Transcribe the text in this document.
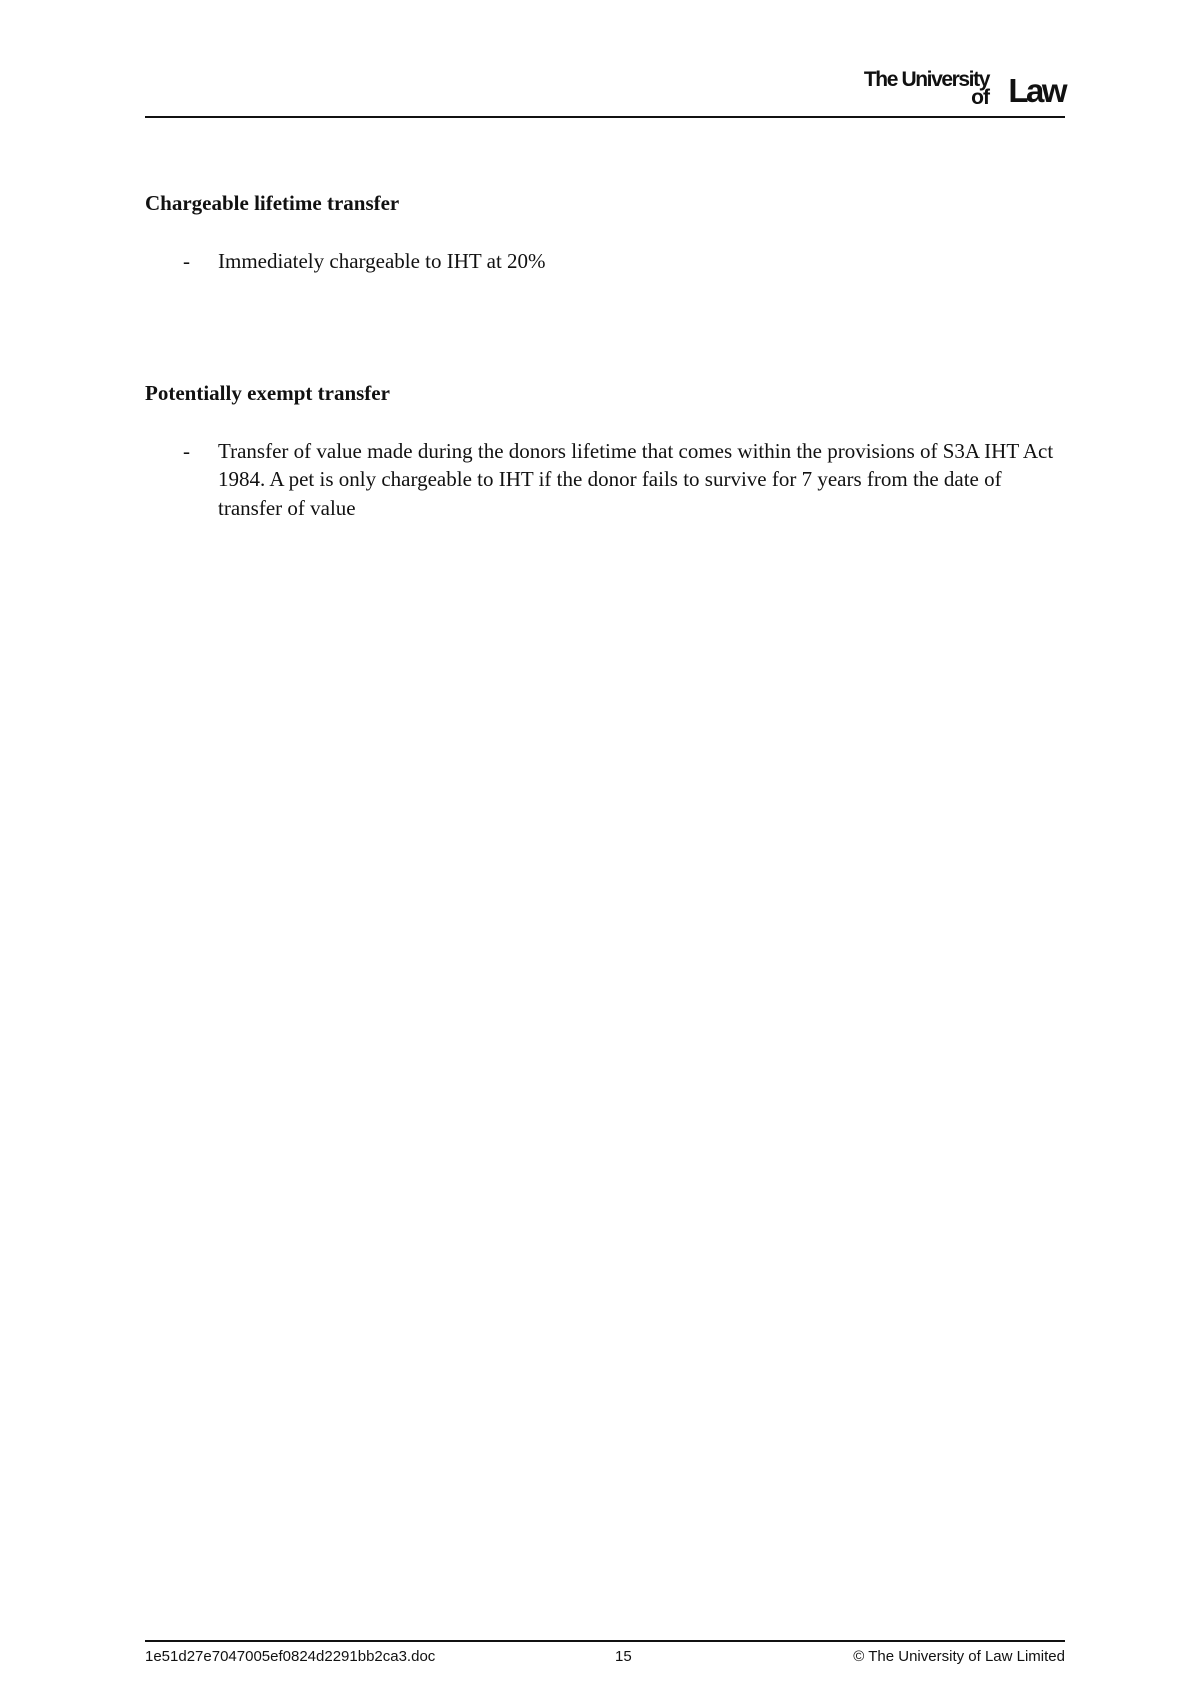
The University
of Law
Chargeable lifetime transfer
-	Immediately chargeable to IHT at 20%
Potentially exempt transfer
-	Transfer of value made during the donors lifetime that comes within the provisions of S3A IHT Act 1984. A pet is only chargeable to IHT if the donor fails to survive for 7 years from the date of transfer of value
1e51d27e7047005ef0824d2291bb2ca3.doc	15	© The University of Law Limited
